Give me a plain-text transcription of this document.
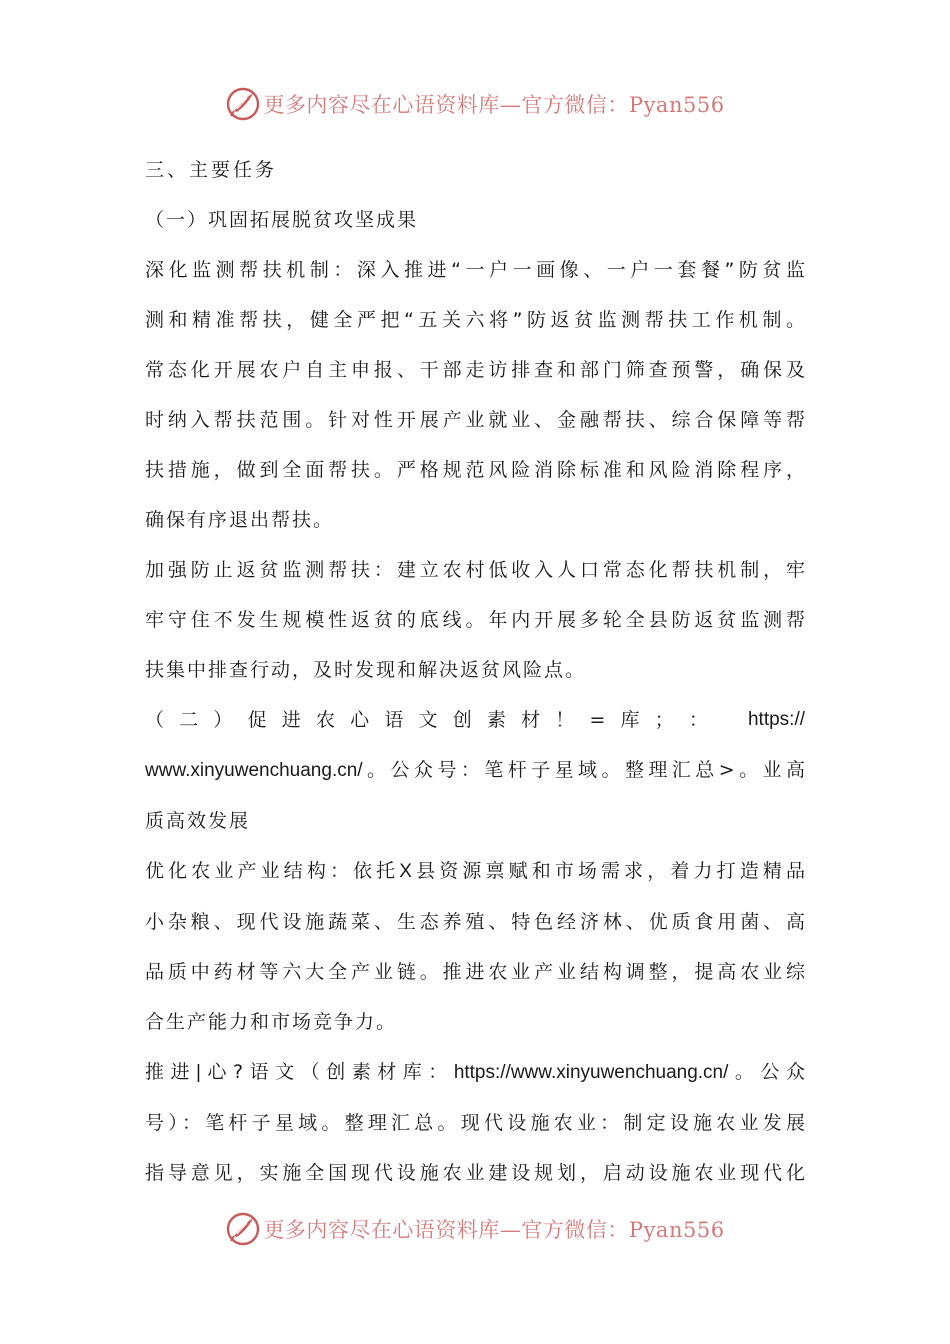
更多内容尽在心语资料库—官方微信：Pyan556

三、主要任务

（一）巩固拓展脱贫攻坚成果

深化监测帮扶机制：深入推进“一户一画像、一户一套餐”防贫监

测和精准帮扶，健全严把“五关六将”防返贫监测帮扶工作机制。

常态化开展农户自主申报、干部走访排查和部门筛查预警，确保及

时纳入帮扶范围。针对性开展产业就业、金融帮扶、综合保障等帮

扶措施，做到全面帮扶。严格规范风险消除标准和风险消除程序，

确保有序退出帮扶。

加强防止返贫监测帮扶：建立农村低收入人口常态化帮扶机制，牢

牢守住不发生规模性返贫的底线。年内开展多轮全县防返贫监测帮

扶集中排查行动，及时发现和解决返贫风险点。

（ 二 ） 促 进 农 心 语 文 创 素 材 ！ = 库 ； ： https://

www.xinyuwenchuang.cn/。公众号：笔杆子星域。整理汇总>。业高

质高效发展

优化农业产业结构：依托X县资源禀赋和市场需求，着力打造精品

小杂粮、现代设施蔬菜、生态养殖、特色经济林、优质食用菌、高

品质中药材等六大全产业链。推进农业产业结构调整，提高农业综

合生产能力和市场竞争力。

推进|心?语文（创素材库：https://www.xinyuwenchuang.cn/。公众

号）：笔杆子星域。整理汇总。现代设施农业：制定设施农业发展

指导意见，实施全国现代设施农业建设规划，启动设施农业现代化

更多内容尽在心语资料库—官方微信：Pyan556
